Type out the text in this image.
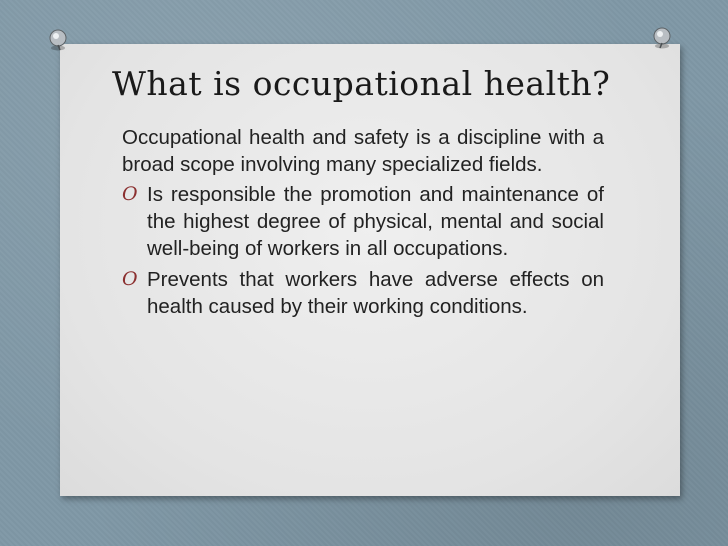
What is occupational health?

Occupational health and safety is a discipline with a broad scope involving many specialized fields.

O Is responsible the promotion and maintenance of the highest degree of physical, mental and social well-being of workers in all occupations.
O Prevents that workers have adverse effects on health caused by their working conditions.
